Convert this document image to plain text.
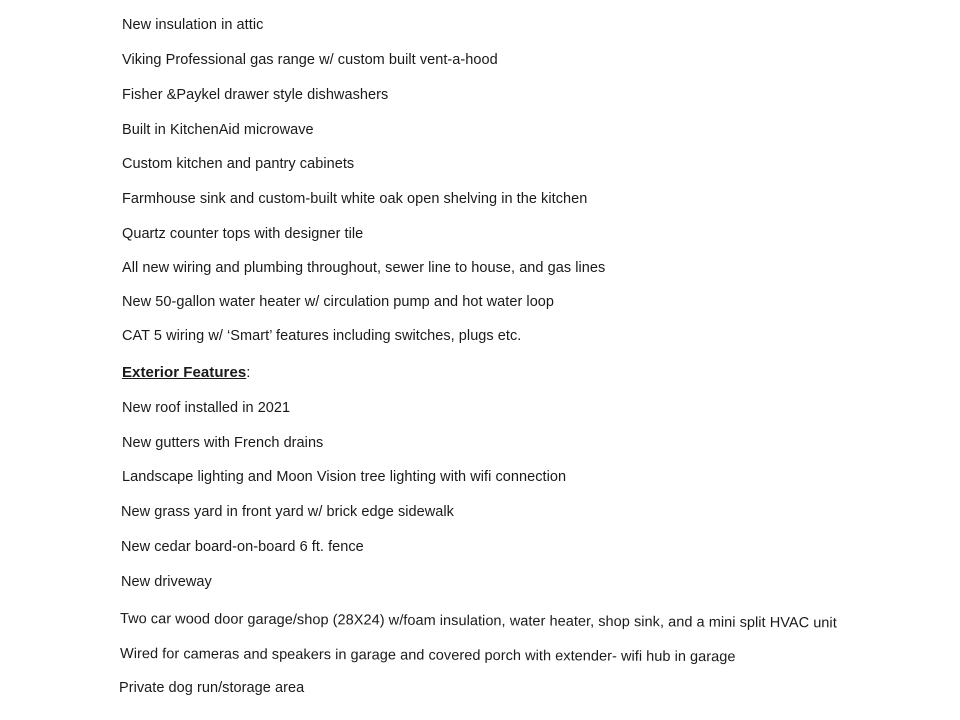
New insulation in attic
Viking Professional gas range w/ custom built vent-a-hood
Fisher &Paykel drawer style dishwashers
Built in KitchenAid microwave
Custom kitchen and pantry cabinets
Farmhouse sink and custom-built white oak open shelving in the kitchen
Quartz counter tops with designer tile
All new wiring and plumbing throughout, sewer line to house, and gas lines
New 50-gallon water heater w/ circulation pump and hot water loop
CAT 5 wiring w/ ‘Smart’ features including switches, plugs etc.
Exterior Features:
New roof installed in 2021
New gutters with French drains
Landscape lighting and Moon Vision tree lighting with wifi connection
New grass yard in front yard w/ brick edge sidewalk
New cedar board-on-board 6 ft. fence
New driveway
Two car wood door garage/shop (28X24) w/foam insulation, water heater, shop sink, and a mini split HVAC unit
Wired for cameras and speakers in garage and covered porch with extender- wifi hub in garage
Private dog run/storage area
